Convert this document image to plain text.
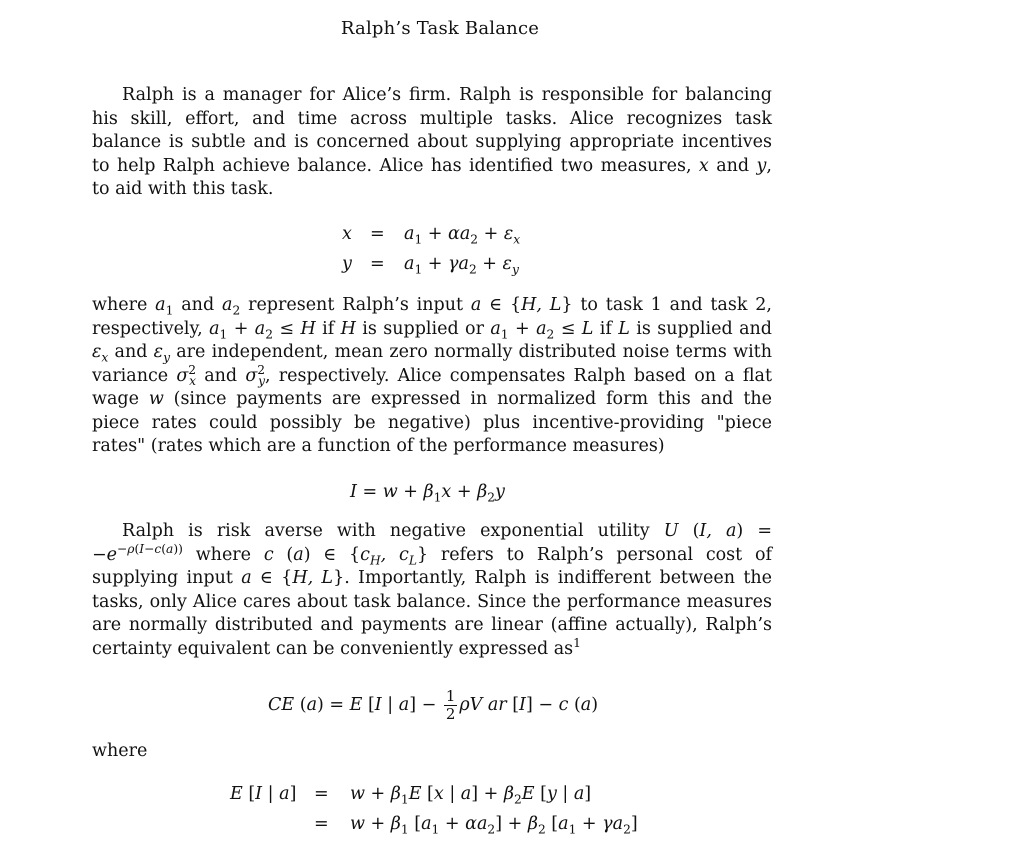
Ralph’s Task Balance

Ralph is a manager for Alice’s firm. Ralph is responsible for balancing his skill, effort, and time across multiple tasks. Alice recognizes task balance is subtle and is concerned about supplying appropriate incentives to help Ralph achieve balance. Alice has identified two measures, x and y, to aid with this task.

$x = a_1 + \alpha a_2 + \varepsilon_x$
$y = a_1 + \gamma a_2 + \varepsilon_y$

where $a_1$ and $a_2$ represent Ralph’s input a ∈ {H, L} to task 1 and task 2, respectively, $a_1 + a_2 \le H$ if H is supplied or $a_1 + a_2 \le L$ if L is supplied and $\varepsilon_x$ and $\varepsilon_y$ are independent, mean zero normally distributed noise terms with variance $\sigma^2_x$ and $\sigma^2_y$, respectively. Alice compensates Ralph based on a flat wage w (since payments are expressed in normalized form this and the piece rates could possibly be negative) plus incentive-providing "piece rates" (rates which are a function of the performance measures)

$I = w + \beta_1x + \beta_2y$

Ralph is risk averse with negative exponential utility U (I, $a) = -e^{-\rho(I-c(a))}$ where c (a) ∈ {$c_H$, $c_L$} refers to Ralph’s personal cost of supplying input a ∈ {H, L}. Importantly, Ralph is indifferent between the tasks, only Alice cares about task balance. Since the performance measures are normally distributed and payments are linear (affine actually), Ralph’s certainty equivalent can be conveniently expressed $as^1$

CE (a) = E [I | $a] - \frac{1}{2}$ ρV ar [I] − c (a)

where

E [I | $a] = w + \beta_1E$ [x | $a] + \beta_2E$ [y | a]
= $w + \beta_1$ $[a_1 + \alpha a_2] + \beta_2$ $[a_1 + \gamma a_2]$
